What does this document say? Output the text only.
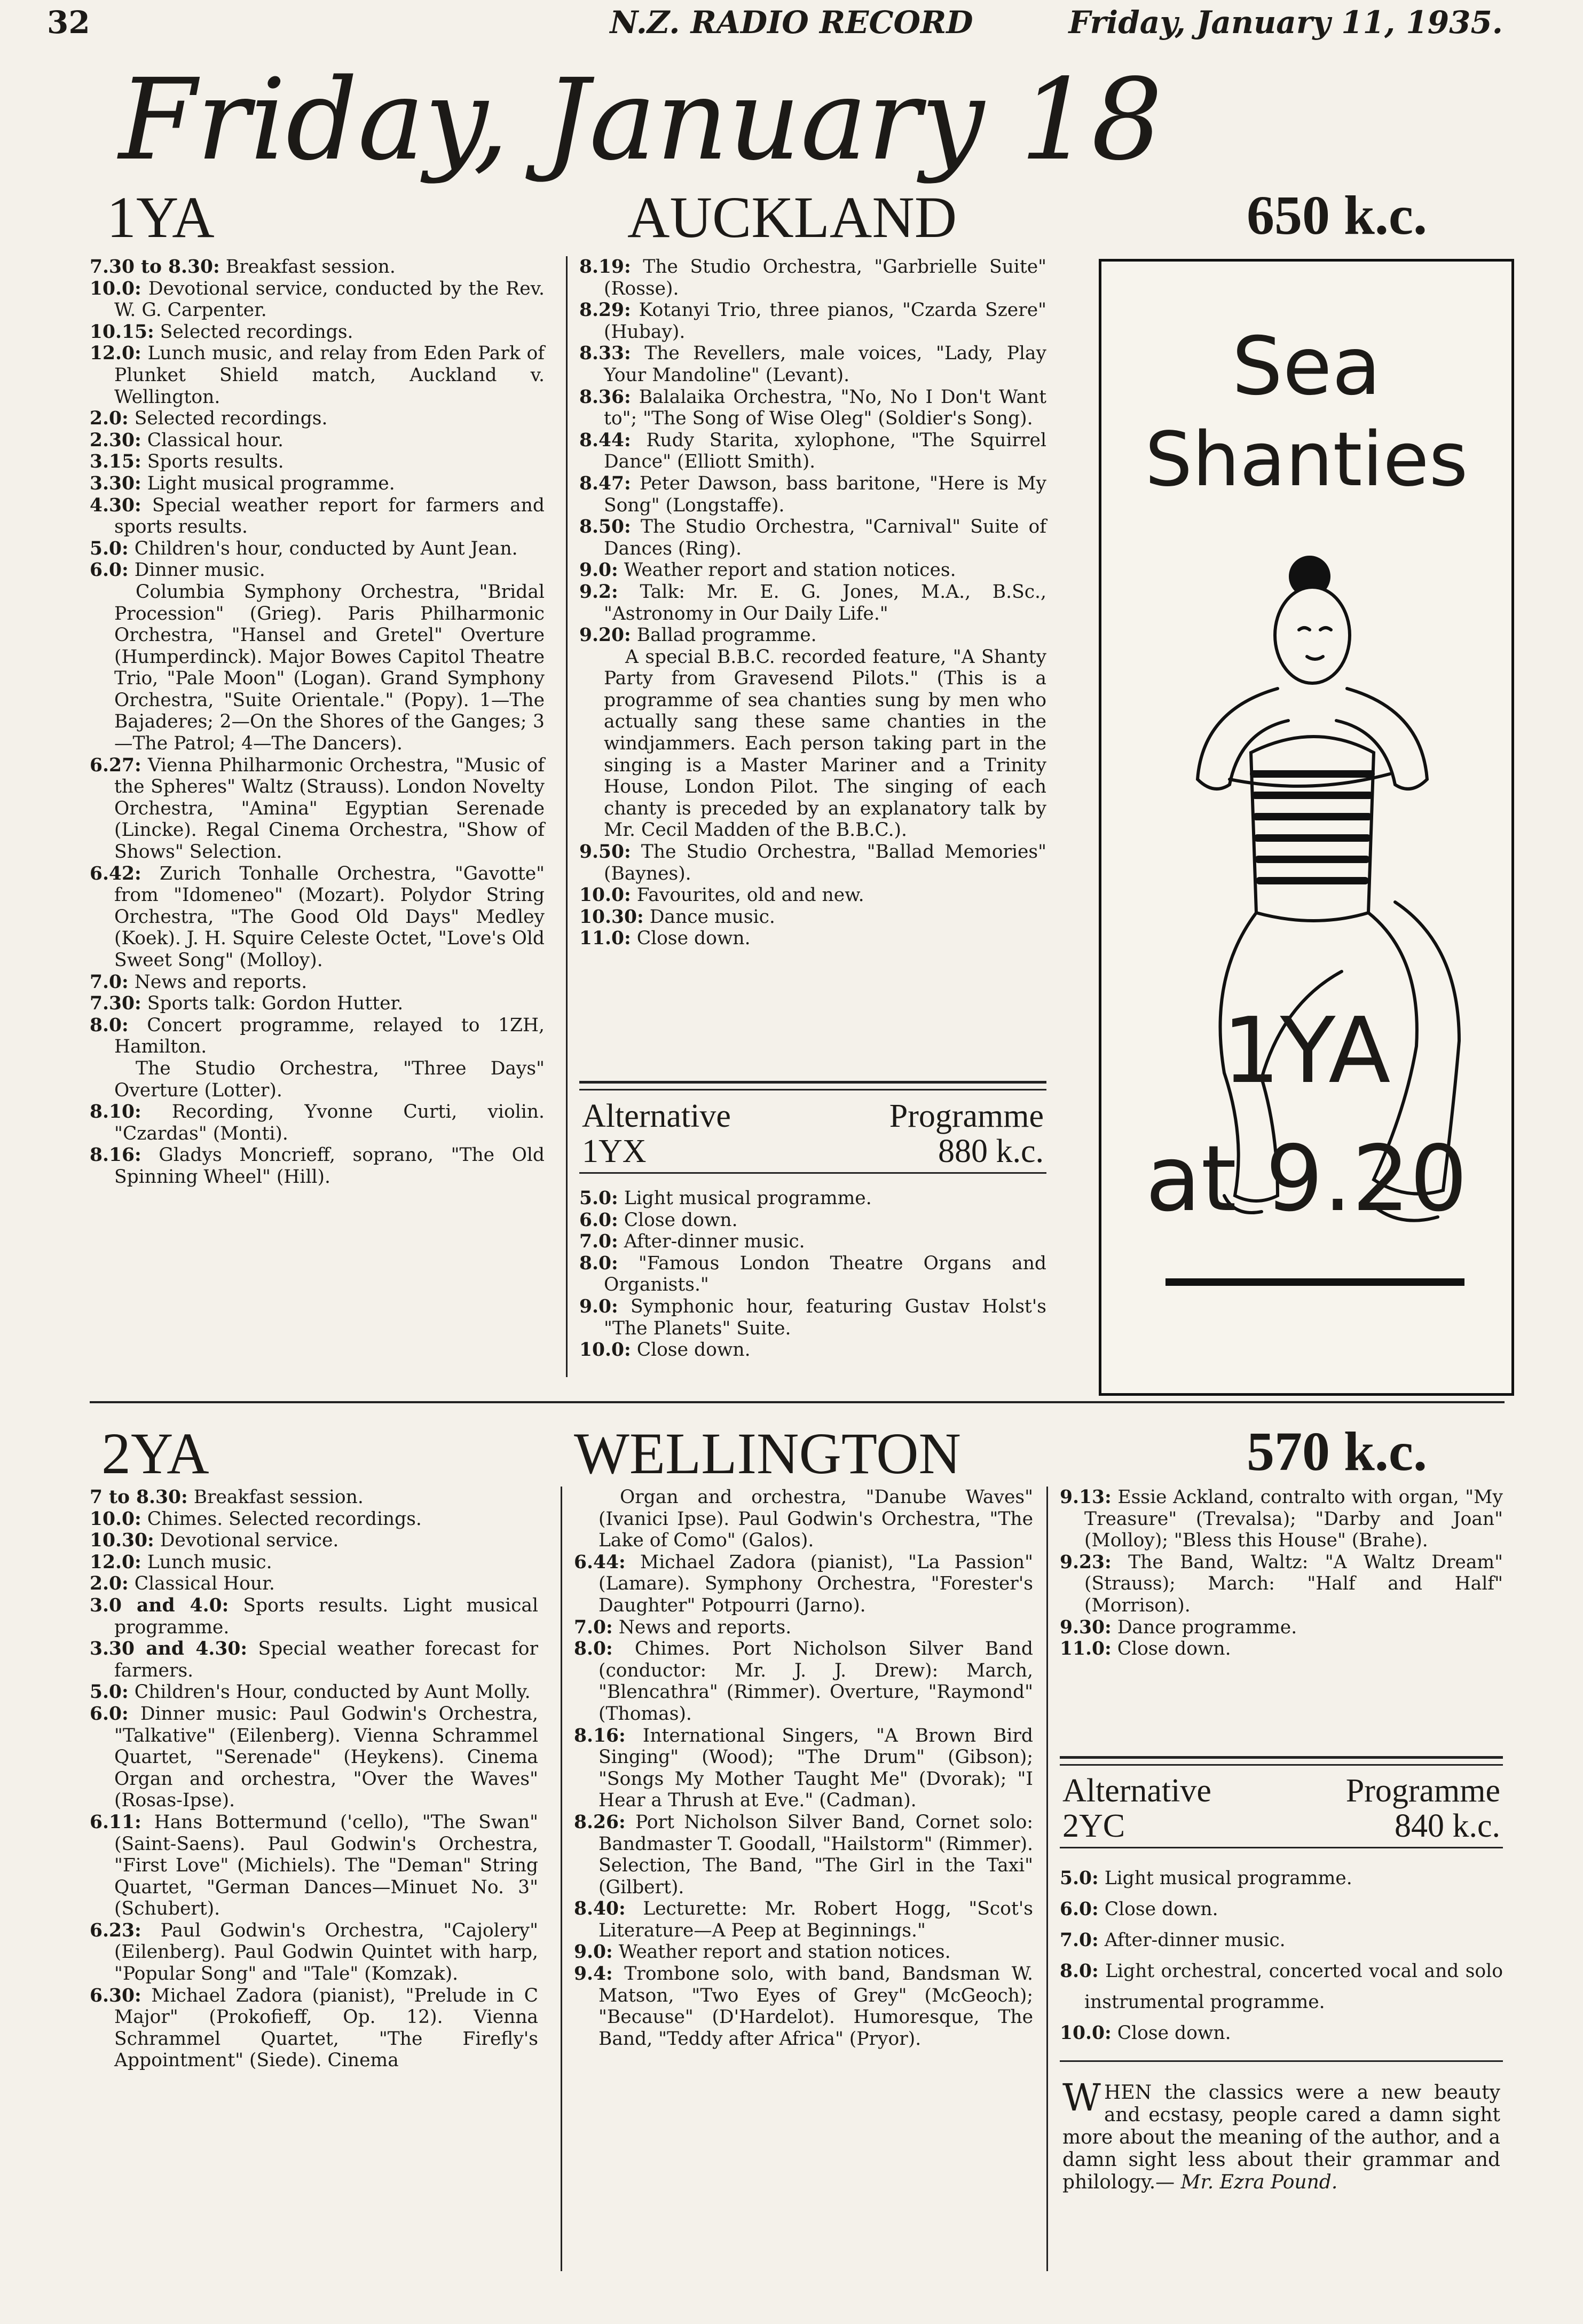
32	N.Z. RADIO RECORD	Friday, January 11, 1935.
Friday, January 18
1YA	AUCKLAND	650 k.c.

7.30 to 8.30: Breakfast session.

10.0: Devotional service, conducted by the Rev. W. G. Carpenter.

10.15: Selected recordings.

12.0: Lunch music, and relay from Eden Park of Plunket Shield match, Auckland v. Wellington.

2.0: Selected recordings.

2.30: Classical hour.

3.15: Sports results.

3.30: Light musical programme.

4.30: Special weather report for farmers and sports results.

5.0: Children's hour, conducted by Aunt Jean.

6.0: Dinner music.

Columbia Symphony Orchestra, "Bridal Procession" (Grieg). Paris Philharmonic Orchestra, "Hansel and Gretel" Overture (Humperdinck). Major Bowes Capitol Theatre Trio, "Pale Moon" (Logan). Grand Symphony Orchestra, "Suite Orientale." (Popy). 1—The Bajaderes; 2—On the Shores of the Ganges; 3—The Patrol; 4—The Dancers).

6.27: Vienna Philharmonic Orchestra, "Music of the Spheres" Waltz (Strauss). London Novelty Orchestra, "Amina" Egyptian Serenade (Lincke). Regal Cinema Orchestra, "Show of Shows" Selection.

6.42: Zurich Tonhalle Orchestra, "Gavotte" from "Idomeneo" (Mozart). Polydor String Orchestra, "The Good Old Days" Medley (Koek). J. H. Squire Celeste Octet, "Love's Old Sweet Song" (Molloy).

7.0: News and reports.

7.30: Sports talk: Gordon Hutter.

8.0: Concert programme, relayed to 1ZH, Hamilton.

The Studio Orchestra, "Three Days" Overture (Lotter).

8.10: Recording, Yvonne Curti, violin. "Czardas" (Monti).

8.16: Gladys Moncrieff, soprano, "The Old Spinning Wheel" (Hill).

8.19: The Studio Orchestra, "Garbrielle Suite" (Rosse).

8.29: Kotanyi Trio, three pianos, "Czarda Szere" (Hubay).

8.33: The Revellers, male voices, "Lady, Play Your Mandoline" (Levant).

8.36: Balalaika Orchestra, "No, No I Don't Want to"; "The Song of Wise Oleg" (Soldier's Song).

8.44: Rudy Starita, xylophone, "The Squirrel Dance" (Elliott Smith).

8.47: Peter Dawson, bass baritone, "Here is My Song" (Longstaffe).

8.50: The Studio Orchestra, "Carnival" Suite of Dances (Ring).

9.0: Weather report and station notices.

9.2: Talk: Mr. E. G. Jones, M.A., B.Sc., "Astronomy in Our Daily Life."

9.20: Ballad programme.

A special B.B.C. recorded feature, "A Shanty Party from Gravesend Pilots." (This is a programme of sea chanties sung by men who actually sang these same chanties in the windjammers. Each person taking part in the singing is a Master Mariner and a Trinity House, London Pilot. The singing of each chanty is preceded by an explanatory talk by Mr. Cecil Madden of the B.B.C.).

9.50: The Studio Orchestra, "Ballad Memories" (Baynes).

10.0: Favourites, old and new.

10.30: Dance music.

11.0: Close down.

Alternative	Programme
1YX	880 k.c.

5.0: Light musical programme.

6.0: Close down.

7.0: After-dinner music.

8.0: "Famous London Theatre Organs and Organists."

9.0: Symphonic hour, featuring Gustav Holst's "The Planets" Suite.

10.0: Close down.

Sea
Shanties
1YA
at 9.20
2YA	WELLINGTON	570 k.c.

7 to 8.30: Breakfast session.

10.0: Chimes. Selected recordings.

10.30: Devotional service.

12.0: Lunch music.

2.0: Classical Hour.

3.0 and 4.0: Sports results. Light musical programme.

3.30 and 4.30: Special weather forecast for farmers.

5.0: Children's Hour, conducted by Aunt Molly.

6.0: Dinner music: Paul Godwin's Orchestra, "Talkative" (Eilenberg). Vienna Schrammel Quartet, "Serenade" (Heykens). Cinema Organ and orchestra, "Over the Waves" (Rosas-Ipse).

6.11: Hans Bottermund ('cello), "The Swan" (Saint-Saens). Paul Godwin's Orchestra, "First Love" (Michiels). The "Deman" String Quartet, "German Dances—Minuet No. 3" (Schubert).

6.23: Paul Godwin's Orchestra, "Cajolery" (Eilenberg). Paul Godwin Quintet with harp, "Popular Song" and "Tale" (Komzak).

6.30: Michael Zadora (pianist), "Prelude in C Major" (Prokofieff, Op. 12). Vienna Schrammel Quartet, "The Firefly's Appointment" (Siede). Cinema

Organ and orchestra, "Danube Waves" (Ivanici Ipse). Paul Godwin's Orchestra, "The Lake of Como" (Galos).

6.44: Michael Zadora (pianist), "La Passion" (Lamare). Symphony Orchestra, "Forester's Daughter" Potpourri (Jarno).

7.0: News and reports.

8.0: Chimes. Port Nicholson Silver Band (conductor: Mr. J. J. Drew): March, "Blencathra" (Rimmer). Overture, "Raymond" (Thomas).

8.16: International Singers, "A Brown Bird Singing" (Wood); "The Drum" (Gibson); "Songs My Mother Taught Me" (Dvorak); "I Hear a Thrush at Eve." (Cadman).

8.26: Port Nicholson Silver Band, Cornet solo: Bandmaster T. Goodall, "Hailstorm" (Rimmer). Selection, The Band, "The Girl in the Taxi" (Gilbert).

8.40: Lecturette: Mr. Robert Hogg, "Scot's Literature—A Peep at Beginnings."

9.0: Weather report and station notices.

9.4: Trombone solo, with band, Bandsman W. Matson, "Two Eyes of Grey" (McGeoch); "Because" (D'Hardelot). Humoresque, The Band, "Teddy after Africa" (Pryor).

9.13: Essie Ackland, contralto with organ, "My Treasure" (Trevalsa); "Darby and Joan" (Molloy); "Bless this House" (Brahe).

9.23: The Band, Waltz: "A Waltz Dream" (Strauss); March: "Half and Half" (Morrison).

9.30: Dance programme.

11.0: Close down.

Alternative	Programme
2YC	840 k.c.

5.0: Light musical programme.

6.0: Close down.

7.0: After-dinner music.

8.0: Light orchestral, concerted vocal and solo instrumental programme.

10.0: Close down.

WHEN the classics were a new beauty and ecstasy, people cared a damn sight more about the meaning of the author, and a damn sight less about their grammar and philology.— Mr. Ezra Pound.
